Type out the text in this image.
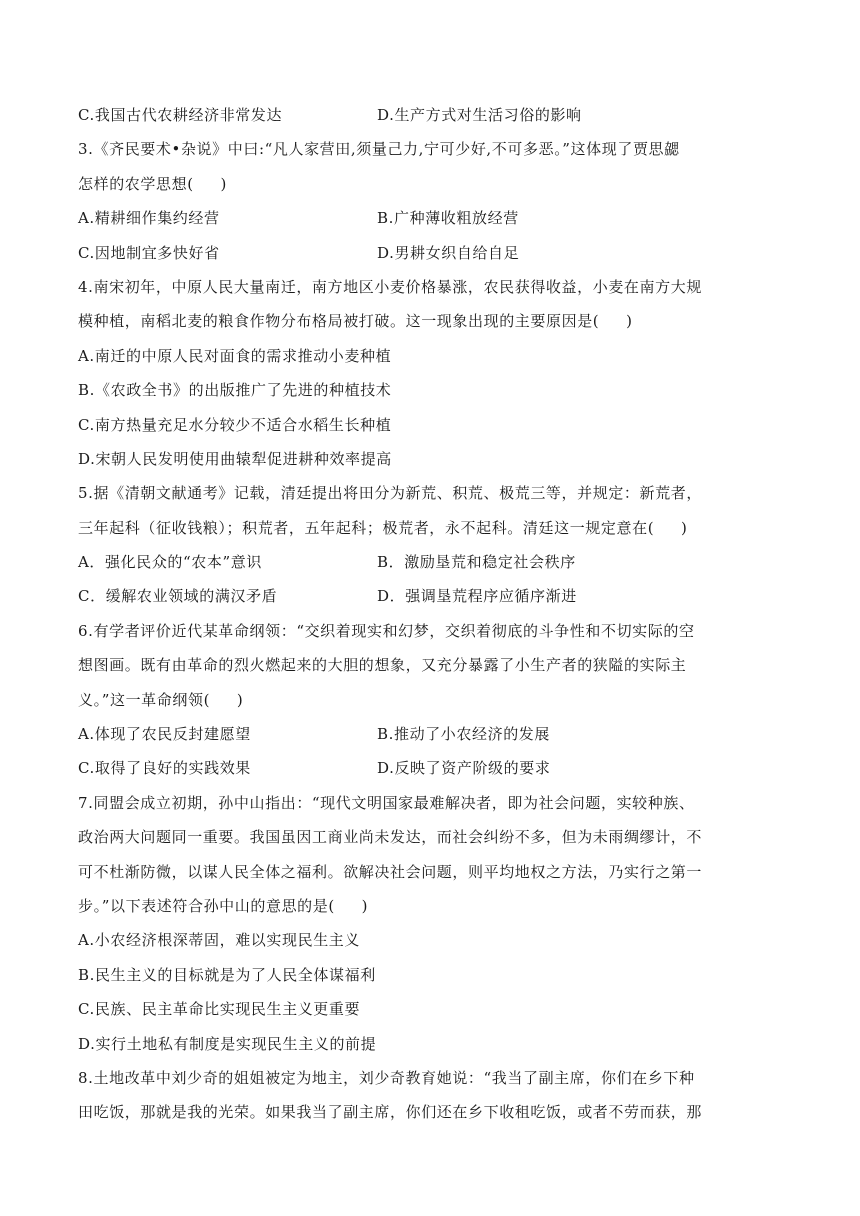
C.我国古代农耕经济非常发达	D.生产方式对生活习俗的影响
3.《齐民要术•杂说》中曰:“凡人家营田,须量己力,宁可少好,不可多恶。”这体现了贾思勰
怎样的农学思想(     )
A.精耕细作集约经营	B.广种薄收粗放经营
C.因地制宜多快好省	D.男耕女织自给自足
4.南宋初年，中原人民大量南迁，南方地区小麦价格暴涨，农民获得收益，小麦在南方大规
模种植，南稻北麦的粮食作物分布格局被打破。这一现象出现的主要原因是(     )
A.南迁的中原人民对面食的需求推动小麦种植
B.《农政全书》的出版推广了先进的种植技术
C.南方热量充足水分较少不适合水稻生长种植
D.宋朝人民发明使用曲辕犁促进耕种效率提高
5.据《清朝文献通考》记载，清廷提出将田分为新荒、积荒、极荒三等，并规定：新荒者，
三年起科（征收钱粮）；积荒者，五年起科；极荒者，永不起科。清廷这一规定意在(     )
A．强化民众的“农本”意识	B．激励垦荒和稳定社会秩序
C．缓解农业领域的满汉矛盾	D．强调垦荒程序应循序渐进
6.有学者评价近代某革命纲领：“交织着现实和幻梦，交织着彻底的斗争性和不切实际的空
想图画。既有由革命的烈火燃起来的大胆的想象，又充分暴露了小生产者的狭隘的实际主
义。”这一革命纲领(     )
A.体现了农民反封建愿望	B.推动了小农经济的发展
C.取得了良好的实践效果	D.反映了资产阶级的要求
7.同盟会成立初期，孙中山指出：“现代文明国家最难解决者，即为社会问题，实较种族、
政治两大问题同一重要。我国虽因工商业尚未发达，而社会纠纷不多，但为未雨绸缪计，不
可不杜渐防微，以谋人民全体之福利。欲解决社会问题，则平均地权之方法，乃实行之第一
步。”以下表述符合孙中山的意思的是(     )
A.小农经济根深蒂固，难以实现民生主义
B.民生主义的目标就是为了人民全体谋福利
C.民族、民主革命比实现民生主义更重要
D.实行土地私有制度是实现民生主义的前提
8.土地改革中刘少奇的姐姐被定为地主，刘少奇教育她说：“我当了副主席，你们在乡下种
田吃饭，那就是我的光荣。如果我当了副主席，你们还在乡下收租吃饭，或者不劳而获，那
